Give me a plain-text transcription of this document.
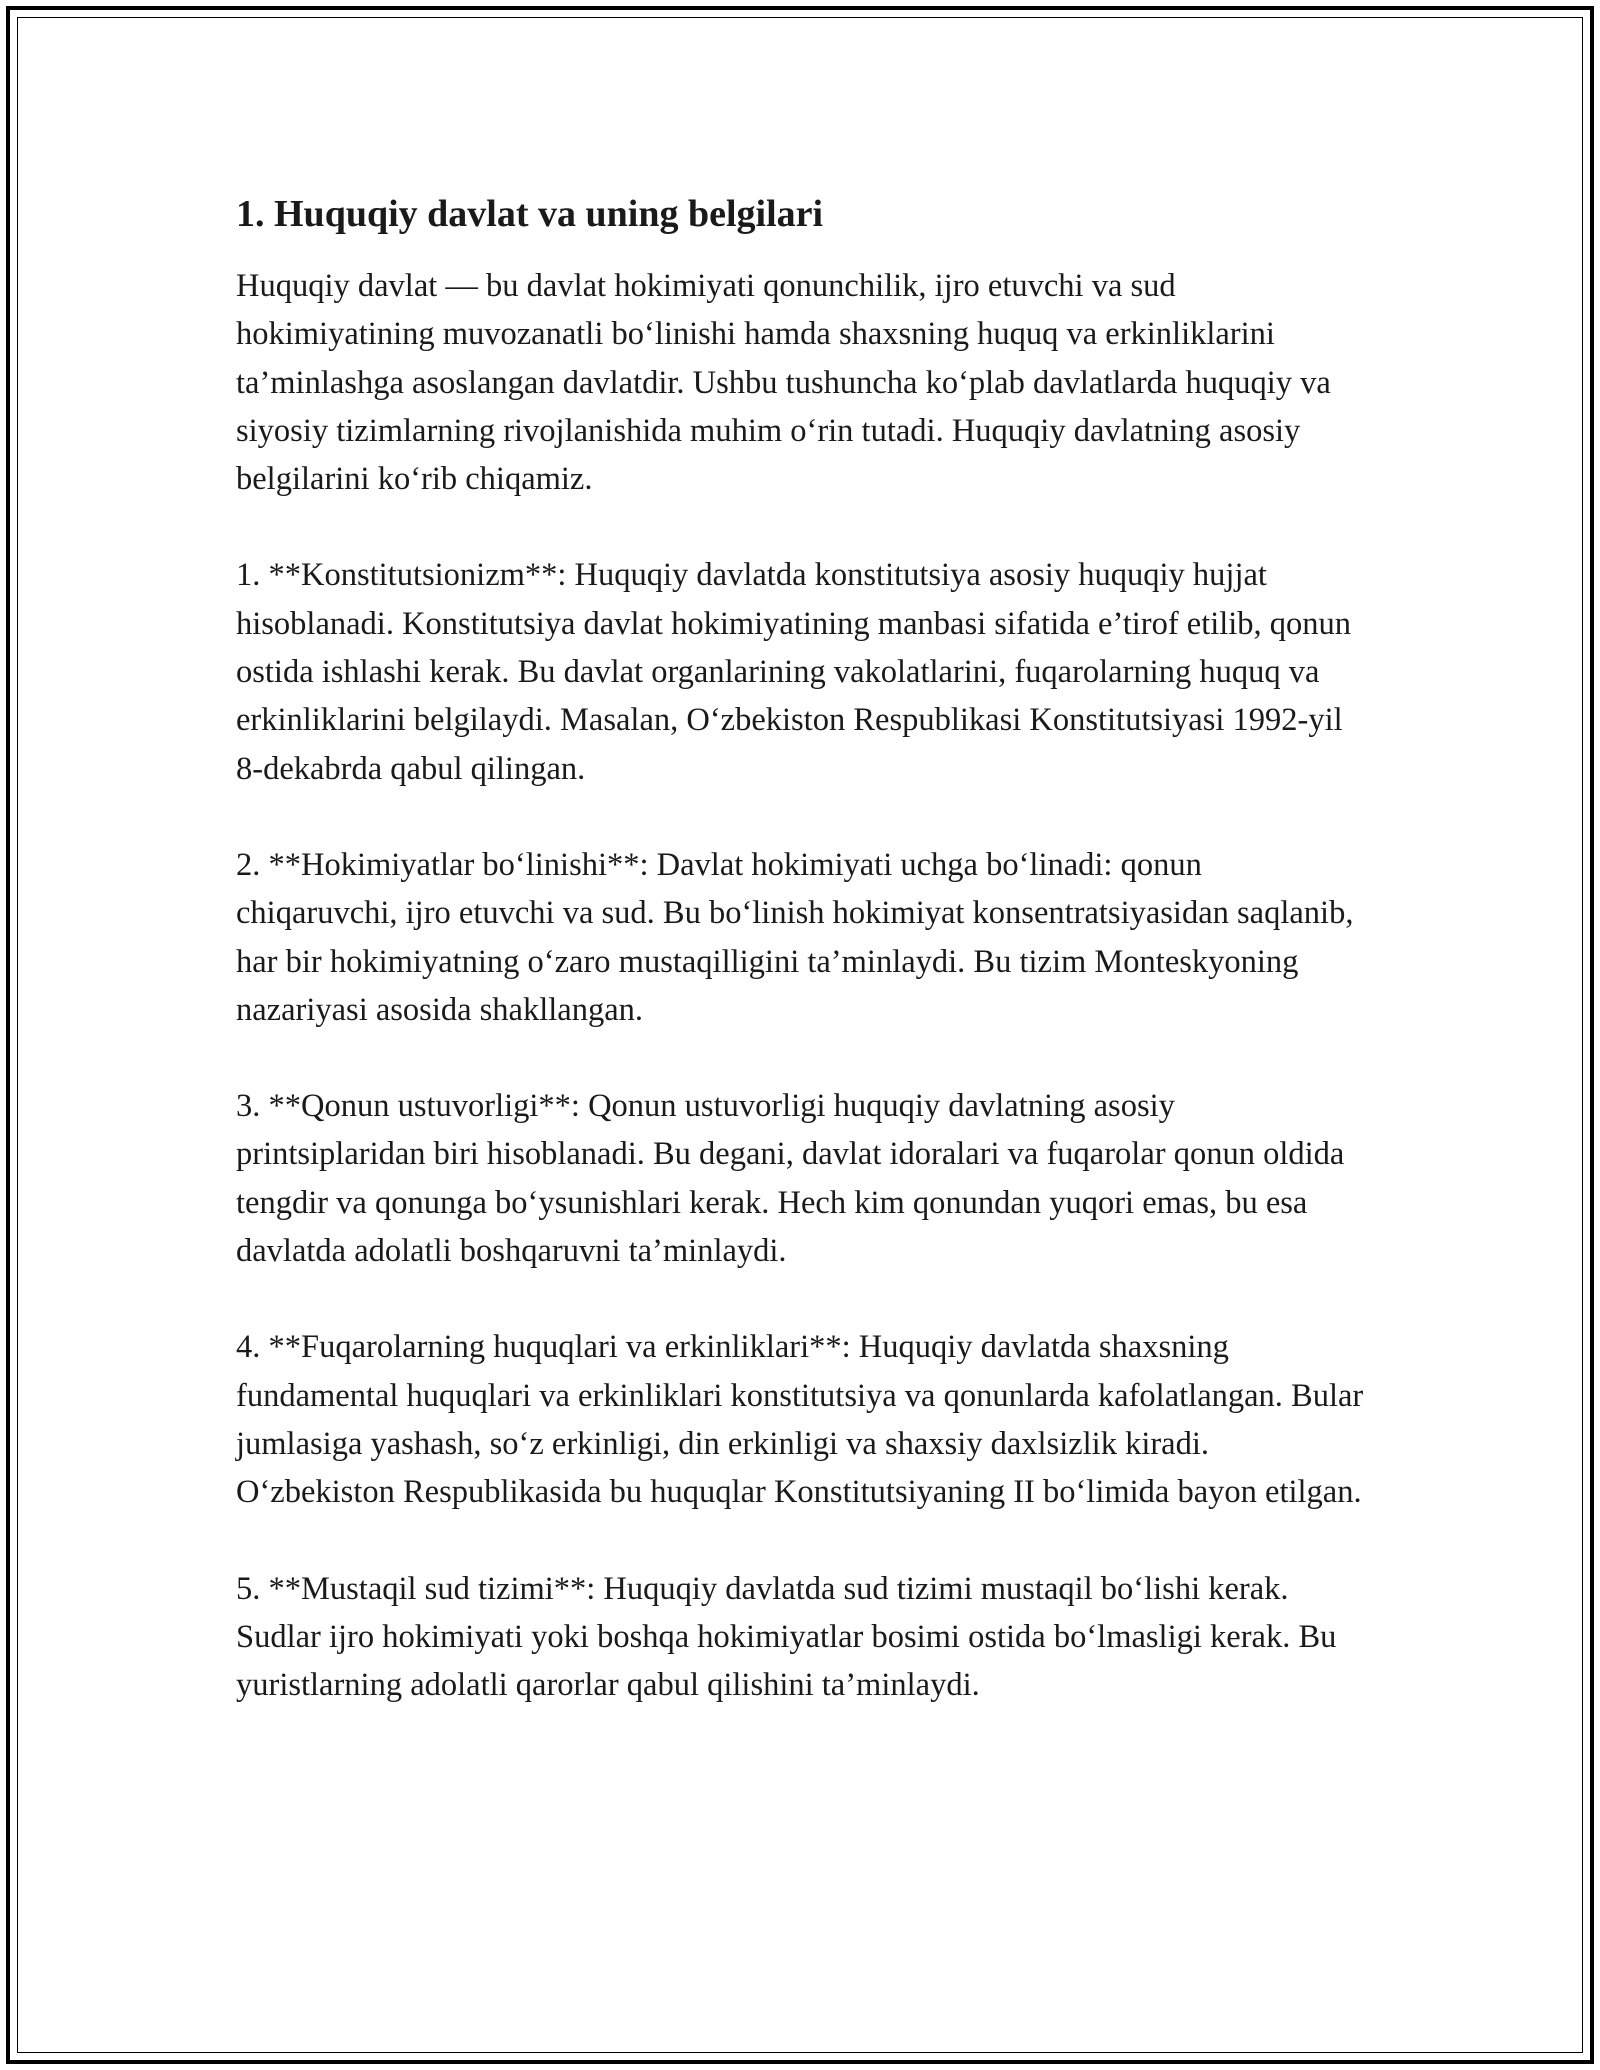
1. Huquqiy davlat va uning belgilari

Huquqiy davlat — bu davlat hokimiyati qonunchilik, ijro etuvchi va sud hokimiyatining muvozanatli bo‘linishi hamda shaxsning huquq va erkinliklarini ta’minlashga asoslangan davlatdir. Ushbu tushuncha ko‘plab davlatlarda huquqiy va siyosiy tizimlarning rivojlanishida muhim o‘rin tutadi. Huquqiy davlatning asosiy belgilarini ko‘rib chiqamiz.

1. **Konstitutsionizm**: Huquqiy davlatda konstitutsiya asosiy huquqiy hujjat hisoblanadi. Konstitutsiya davlat hokimiyatining manbasi sifatida e’tirof etilib, qonun ostida ishlashi kerak. Bu davlat organlarining vakolatlarini, fuqarolarning huquq va erkinliklarini belgilaydi. Masalan, O‘zbekiston Respublikasi Konstitutsiyasi 1992-yil 8-dekabrda qabul qilingan.

2. **Hokimiyatlar bo‘linishi**: Davlat hokimiyati uchga bo‘linadi: qonun chiqaruvchi, ijro etuvchi va sud. Bu bo‘linish hokimiyat konsentratsiyasidan saqlanib, har bir hokimiyatning o‘zaro mustaqilligini ta’minlaydi. Bu tizim Monteskyoning nazariyasi asosida shakllangan.

3. **Qonun ustuvorligi**: Qonun ustuvorligi huquqiy davlatning asosiy printsiplaridan biri hisoblanadi. Bu degani, davlat idoralari va fuqarolar qonun oldida tengdir va qonunga bo‘ysunishlari kerak. Hech kim qonundan yuqori emas, bu esa davlatda adolatli boshqaruvni ta’minlaydi.

4. **Fuqarolarning huquqlari va erkinliklari**: Huquqiy davlatda shaxsning fundamental huquqlari va erkinliklari konstitutsiya va qonunlarda kafolatlangan. Bular jumlasiga yashash, so‘z erkinligi, din erkinligi va shaxsiy daxlsizlik kiradi. O‘zbekiston Respublikasida bu huquqlar Konstitutsiyaning II bo‘limida bayon etilgan.

5. **Mustaqil sud tizimi**: Huquqiy davlatda sud tizimi mustaqil bo‘lishi kerak. Sudlar ijro hokimiyati yoki boshqa hokimiyatlar bosimi ostida bo‘lmasligi kerak. Bu yuristlarning adolatli qarorlar qabul qilishini ta’minlaydi.
